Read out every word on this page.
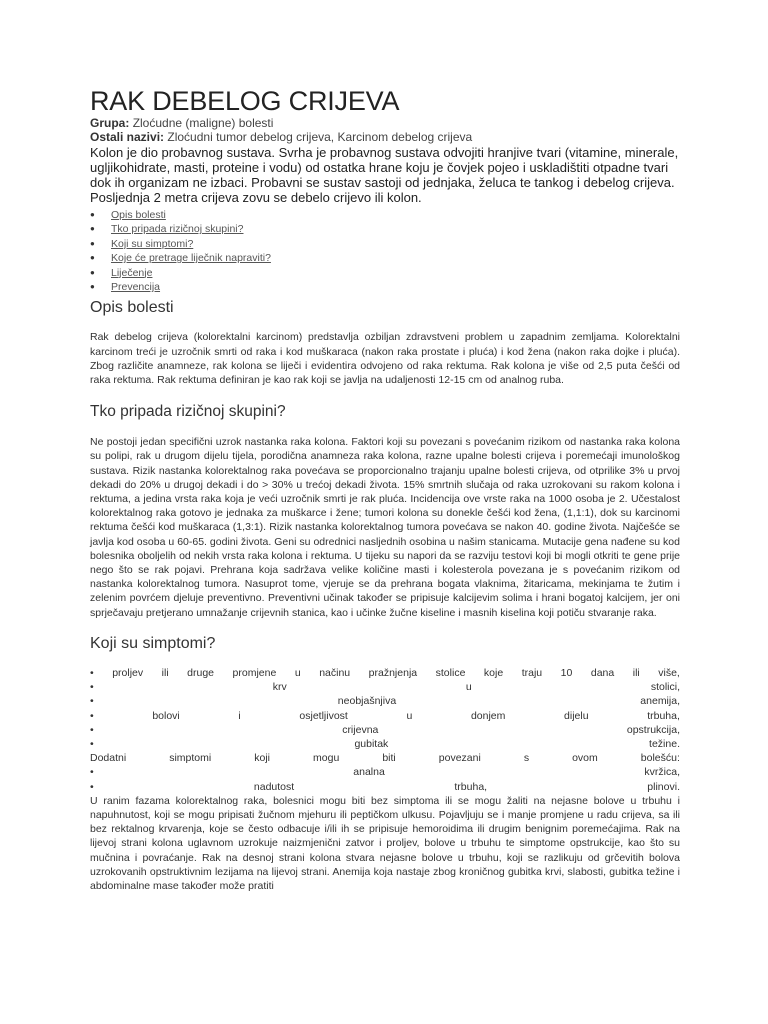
RAK DEBELOG CRIJEVA
Grupa: Zloćudne (maligne) bolesti
Ostali nazivi: Zloćudni tumor debelog crijeva, Karcinom debelog crijeva
Kolon je dio probavnog sustava. Svrha je probavnog sustava odvojiti hranjive tvari (vitamine, minerale, ugljikohidrate, masti, proteine i vodu) od ostatka hrane koju je čovjek pojeo i uskladištiti otpadne tvari dok ih organizam ne izbaci. Probavni se sustav sastoji od jednjaka, želuca te tankog i debelog crijeva. Posljednja 2 metra crijeva zovu se debelo crijevo ili kolon.
● Opis bolesti
● Tko pripada rizičnoj skupini?
● Koji su simptomi?
● Koje će pretrage liječnik napraviti?
● Liječenje
● Prevencija
Opis bolesti

Rak debelog crijeva (kolorektalni karcinom) predstavlja ozbiljan zdravstveni problem u zapadnim zemljama. Kolorektalni karcinom treći je uzročnik smrti od raka i kod muškaraca (nakon raka prostate i pluća) i kod žena (nakon raka dojke i pluća). Zbog različite anamneze, rak kolona se liječi i evidentira odvojeno od raka rektuma. Rak kolona je više od 2,5 puta češći od raka rektuma. Rak rektuma definiran je kao rak koji se javlja na udaljenosti 12-15 cm od analnog ruba.

Tko pripada rizičnoj skupini?

Ne postoji jedan specifični uzrok nastanka raka kolona. Faktori koji su povezani s povećanim rizikom od nastanka raka kolona su polipi, rak u drugom dijelu tijela, porodična anamneza raka kolona, razne upalne bolesti crijeva i poremećaji imunološkog sustava. Rizik nastanka kolorektalnog raka povećava se proporcionalno trajanju upalne bolesti crijeva, od otprilike 3% u prvoj dekadi do 20% u drugoj dekadi i do > 30% u trećoj dekadi života. 15% smrtnih slučaja od raka uzrokovani su rakom kolona i rektuma, a jedina vrsta raka koja je veći uzročnik smrti je rak pluća. Incidencija ove vrste raka na 1000 osoba je 2. Učestalost kolorektalnog raka gotovo je jednaka za muškarce i žene; tumori kolona su donekle češći kod žena, (1,1:1), dok su karcinomi rektuma češći kod muškaraca (1,3:1). Rizik nastanka kolorektalnog tumora povećava se nakon 40. godine života. Najčešće se javlja kod osoba u 60-65. godini života. Geni su odrednici nasljednih osobina u našim stanicama. Mutacije gena nađene su kod bolesnika oboljelih od nekih vrsta raka kolona i rektuma. U tijeku su napori da se razviju testovi koji bi mogli otkriti te gene prije nego što se rak pojavi. Prehrana koja sadržava velike količine masti i kolesterola povezana je s povećanim rizikom od nastanka kolorektalnog tumora. Nasuprot tome, vjeruje se da prehrana bogata vlaknima, žitaricama, mekinjama te žutim i zelenim povrćem djeluje preventivno. Preventivni učinak također se pripisuje kalcijevim solima i hrani bogatoj kalcijem, jer oni sprječavaju pretjerano umnažanje crijevnih stanica, kao i učinke žučne kiseline i masnih kiselina koji potiču stvaranje raka.

Koji su simptomi?
• proljev ili druge promjene u načinu pražnjenja stolice koje traju 10 dana ili više,
•	krv	u	stolici,
•	neobjašnjiva	anemija,
•	bolovi	i	osjetljivost	u	donjem	dijelu	trbuha,
•	crijevna	opstrukcija,
•	gubitak	težine.
Dodatni	simptomi	koji	mogu	biti	povezani	s	ovom	bolešću:
•	analna	kvržica,
•	nadutost	trbuha,	plinovi.

U ranim fazama kolorektalnog raka, bolesnici mogu biti bez simptoma ili se mogu žaliti na nejasne bolove u trbuhu i napuhnutost, koji se mogu pripisati žučnom mjehuru ili peptičkom ulkusu. Pojavljuju se i manje promjene u radu crijeva, sa ili bez rektalnog krvarenja, koje se često odbacuje i/ili ih se pripisuje hemoroidima ili drugim benignim poremećajima. Rak na lijevoj strani kolona uglavnom uzrokuje naizmjenični zatvor i proljev, bolove u trbuhu te simptome opstrukcije, kao što su mučnina i povraćanje. Rak na desnoj strani kolona stvara nejasne bolove u trbuhu, koji se razlikuju od grčevitih bolova uzrokovanih opstruktivnim lezijama na lijevoj strani. Anemija koja nastaje zbog kroničnog gubitka krvi, slabosti, gubitka težine i abdominalne mase također može pratiti
